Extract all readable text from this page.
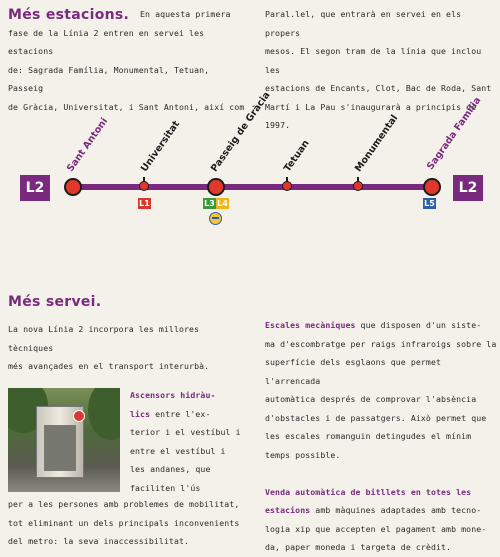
Més estacions.	En aquesta primera
fase de la Línia 2 entren en servei les estacions
de: Sagrada Família, Monumental, Tetuan, Passeig
de Gràcia, Universitat, i Sant Antoni, així com
Paral.lel, que entrarà en servei en els propers
mesos. El segon tram de la línia que inclou les
estacions de Encants, Clot, Bac de Roda, Sant
Martí i La Pau s'inaugurarà a principis de 1997.
L2	L2
Sant Antoni	Universitat
L1
Passeig de Gràcia
L3 L4
Tetuan	Monumental	Sagrada Família
L5
Més servei.
La nova Línia 2 incorpora les millores tècniques
més avançades en el transport interurbà.
Ascensors hidràu-
lics entre l'ex-
terior i el vestíbul i
entre el vestíbul i
les andanes, que
faciliten l'ús
per a les persones amb problemes de mobilitat,
tot eliminant un dels principals inconvenients
del metro: la seva inaccessibilitat.
Escales mecàniques que disposen d'un siste-
ma d'escombratge per raigs infraroigs sobre la
superfície dels esglaons que permet l'arrencada
automàtica després de comprovar l'absència
d'obstacles i de passatgers. Això permet que
les escales romanguin detingudes el mínim
temps possible.

Venda automàtica de bitllets en totes les
estacions amb màquines adaptades amb tecno-
logia xip que accepten el pagament amb mone-
da, paper moneda i targeta de crèdit.
